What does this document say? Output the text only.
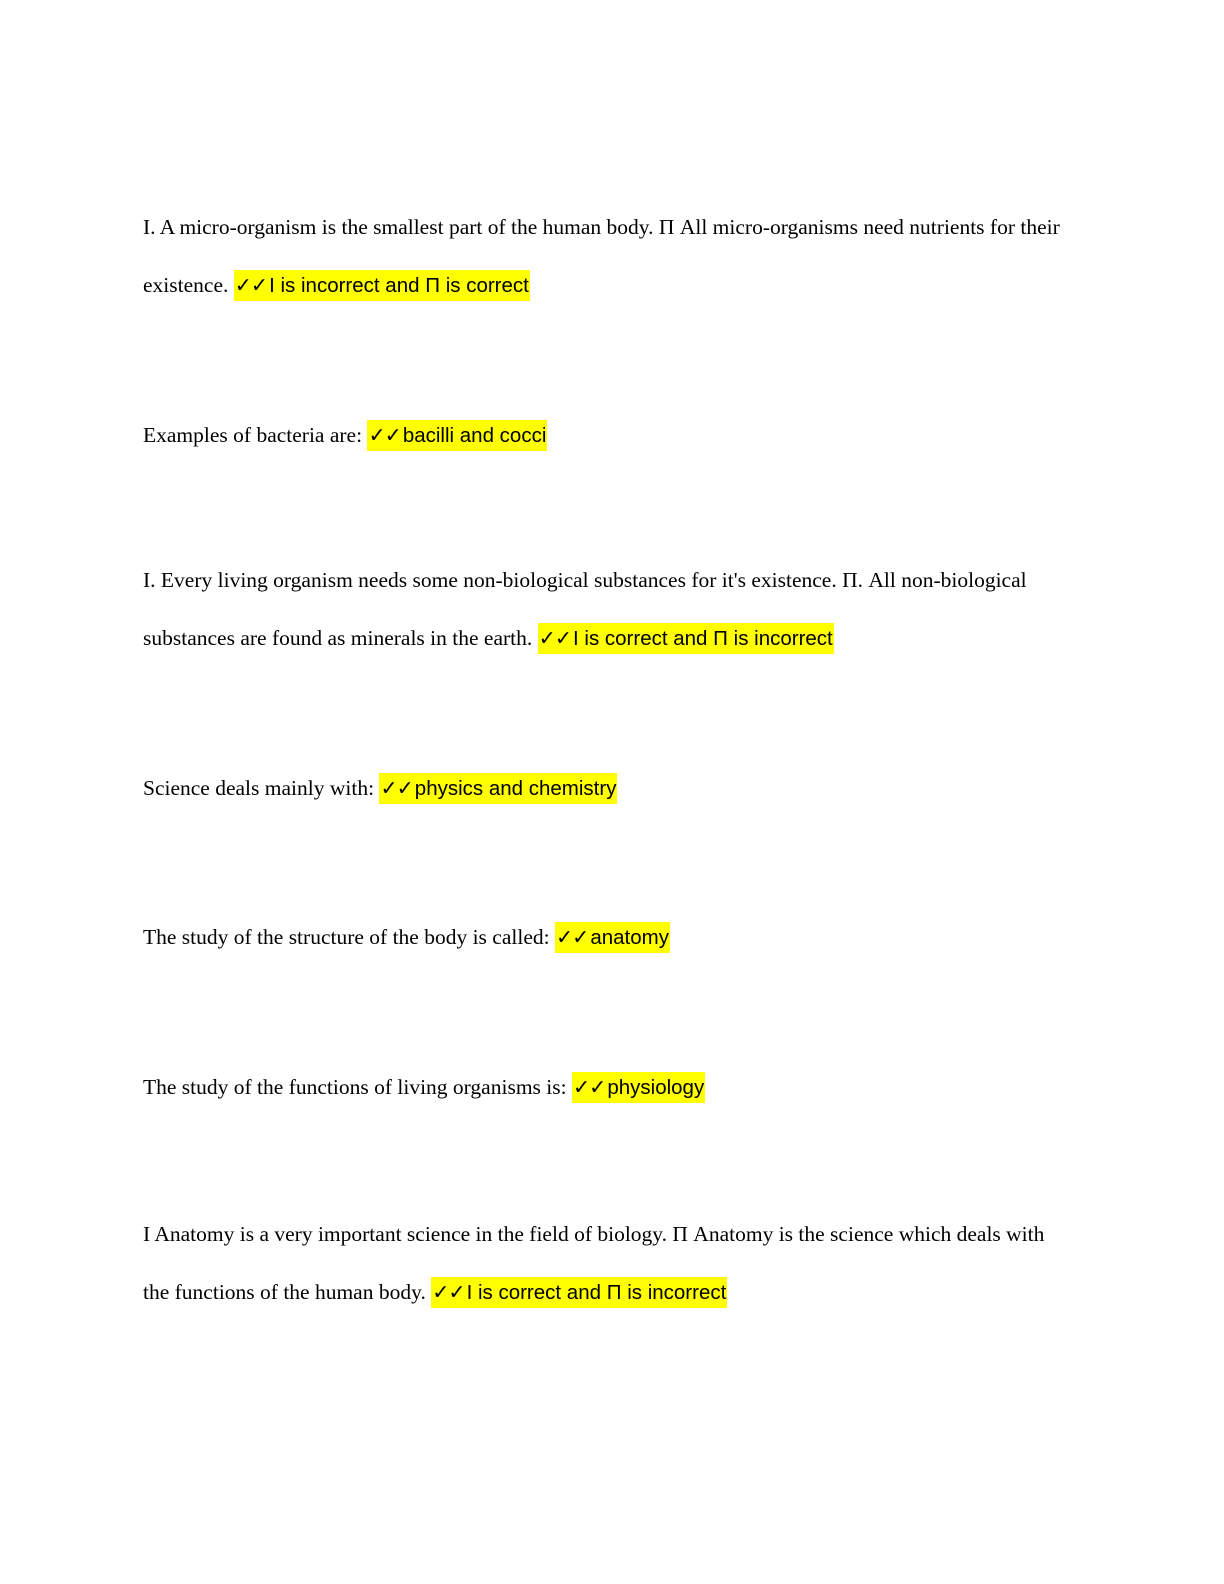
I. A micro-organism is the smallest part of the human body. Π All micro-organisms need nutrients for their existence. ✓✓I is incorrect and Π is correct

Examples of bacteria are: ✓✓bacilli and cocci

I. Every living organism needs some non-biological substances for it's existence. Π. All non-biological substances are found as minerals in the earth. ✓✓I is correct and Π is incorrect

Science deals mainly with: ✓✓physics and chemistry

The study of the structure of the body is called: ✓✓anatomy

The study of the functions of living organisms is: ✓✓physiology

I Anatomy is a very important science in the field of biology. Π Anatomy is the science which deals with the functions of the human body. ✓✓I is correct and Π is incorrect
